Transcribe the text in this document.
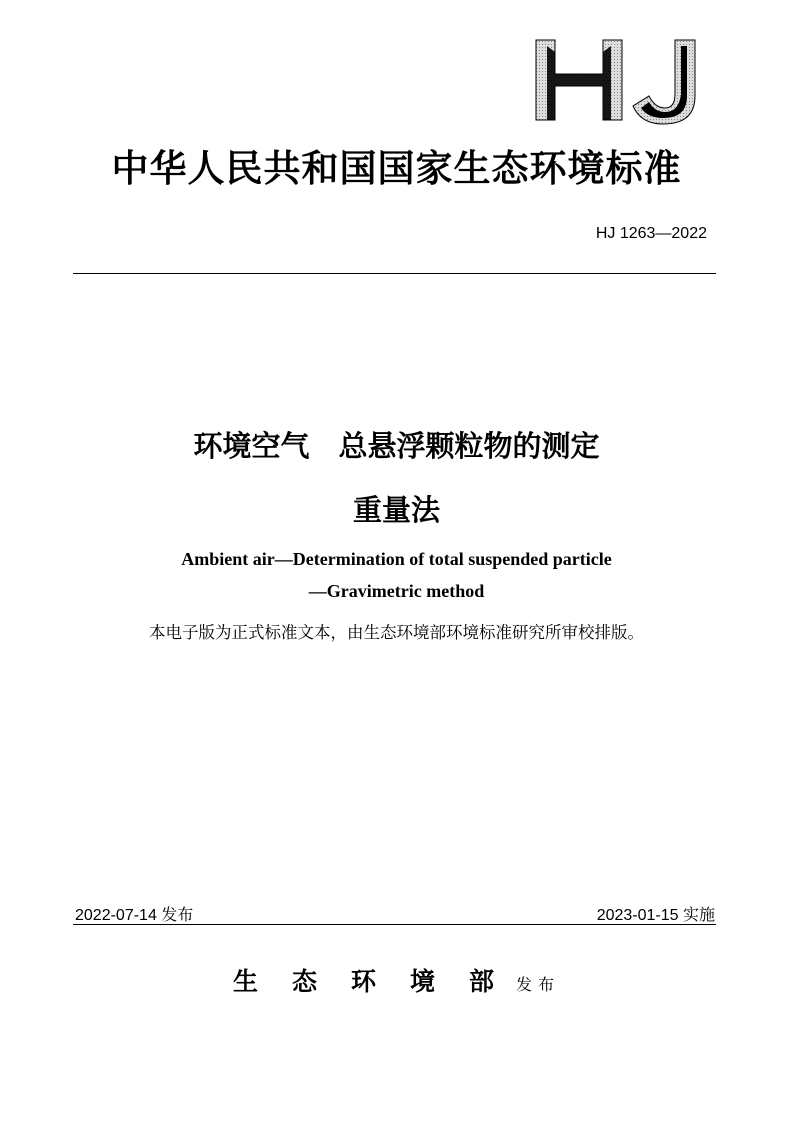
中华人民共和国国家生态环境标准
HJ 1263—2022
环境空气　总悬浮颗粒物的测定
重量法
Ambient air—Determination of total suspended particle
—Gravimetric method
本电子版为正式标准文本，由生态环境部环境标准研究所审校排版。
2022-07-14 发布	2023-01-15 实施
生态环境部发布
